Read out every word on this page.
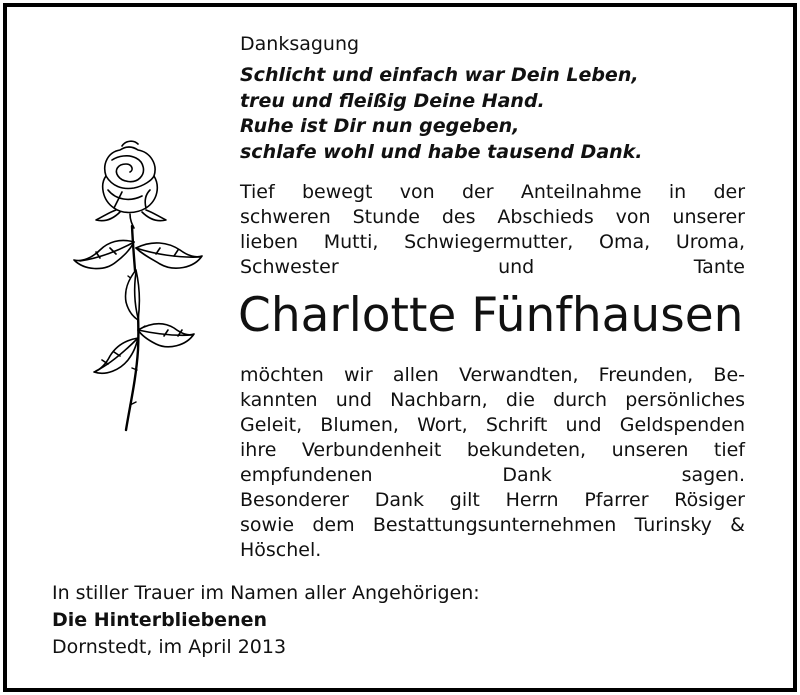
Danksagung
Schlicht und einfach war Dein Leben,
treu und fleißig Deine Hand.
Ruhe ist Dir nun gegeben,
schlafe wohl und habe tausend Dank.
Tief bewegt von der Anteilnahme in der
schweren Stunde des Abschieds von unserer
lieben Mutti, Schwiegermutter, Oma, Uroma,
Schwester und Tante
Charlotte Fünfhausen
möchten wir allen Verwandten, Freunden, Be-
kannten und Nachbarn, die durch persönliches
Geleit, Blumen, Wort, Schrift und Geldspenden
ihre Verbundenheit bekundeten, unseren tief
empfundenen Dank sagen.
Besonderer Dank gilt Herrn Pfarrer Rösiger
sowie dem Bestattungsunternehmen Turinsky &
Höschel.
In stiller Trauer im Namen aller Angehörigen:
Die Hinterbliebenen
Dornstedt, im April 2013
